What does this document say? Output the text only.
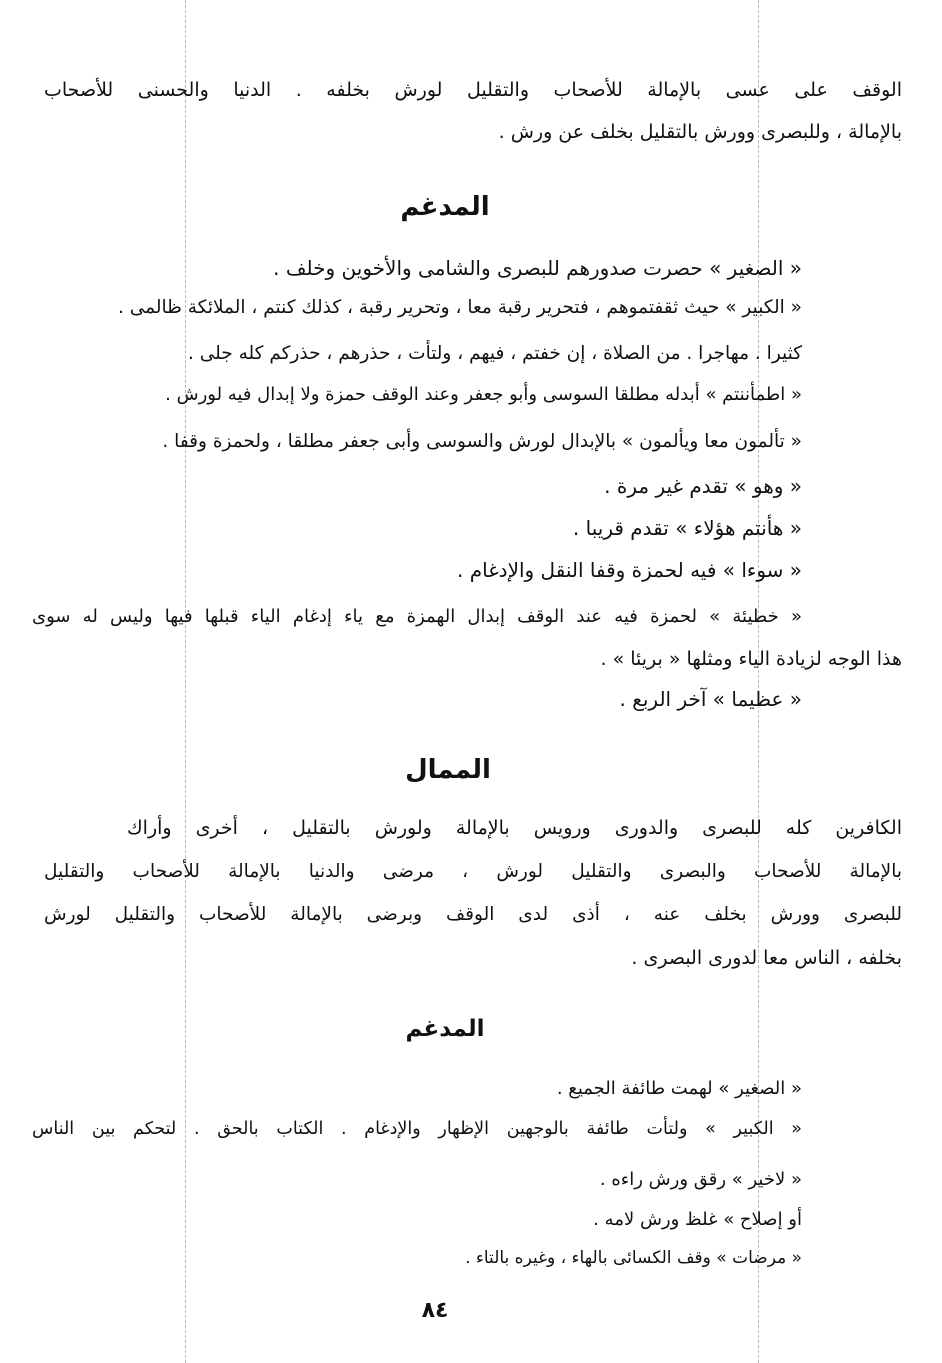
الوقف على عسى بالإمالة للأصحاب والتقليل لورش بخلفه . الدنيا والحسنى للأصحاب
بالإمالة ، وللبصرى وورش بالتقليل بخلف عن ورش .
المدغم
« الصغير » حصرت صدورهم للبصرى والشامى والأخوين وخلف .
« الكبير » حيث ثقفتموهم ، فتحرير رقبة معا ، وتحرير رقبة ، كذلك كنتم ، الملائكة ظالمى .
كثيرا . مهاجرا . من الصلاة ، إن خفتم ، فيهم ، ولتأت ، حذرهم ، حذركم كله جلى .
« اطمأننتم » أبدله مطلقا السوسى وأبو جعفر وعند الوقف حمزة ولا إبدال فيه لورش .
« تألمون معا ويألمون » بالإبدال لورش والسوسى وأبى جعفر مطلقا ، ولحمزة وقفا .
« وهو » تقدم غير مرة .
« هأنتم هؤلاء » تقدم قريبا .
« سوءا » فيه لحمزة وقفا النقل والإدغام .
« خطيئة » لحمزة فيه عند الوقف إبدال الهمزة مع ياء إدغام الياء قبلها فيها وليس له سوى
هذا الوجه لزيادة الياء ومثلها « بريئا » .
« عظيما » آخر الربع .
الممال
الكافرين كله للبصرى والدورى ورويس بالإمالة ولورش بالتقليل ، أخرى وأراك
بالإمالة للأصحاب والبصرى والتقليل لورش ، مرضى والدنيا بالإمالة للأصحاب والتقليل
للبصرى وورش بخلف عنه ، أذى لدى الوقف وبرضى بالإمالة للأصحاب والتقليل لورش
بخلفه ، الناس معا لدورى البصرى .
المدغم
« الصغير » لهمت طائفة الجميع .
« الكبير » ولتأت طائفة بالوجهين الإظهار والإدغام . الكتاب بالحق . لتحكم بين الناس
« لاخير » رقق ورش راءه .
أو إصلاح » غلظ ورش لامه .
« مرضات » وقف الكسائى بالهاء ، وغيره بالتاء .
٨٤
